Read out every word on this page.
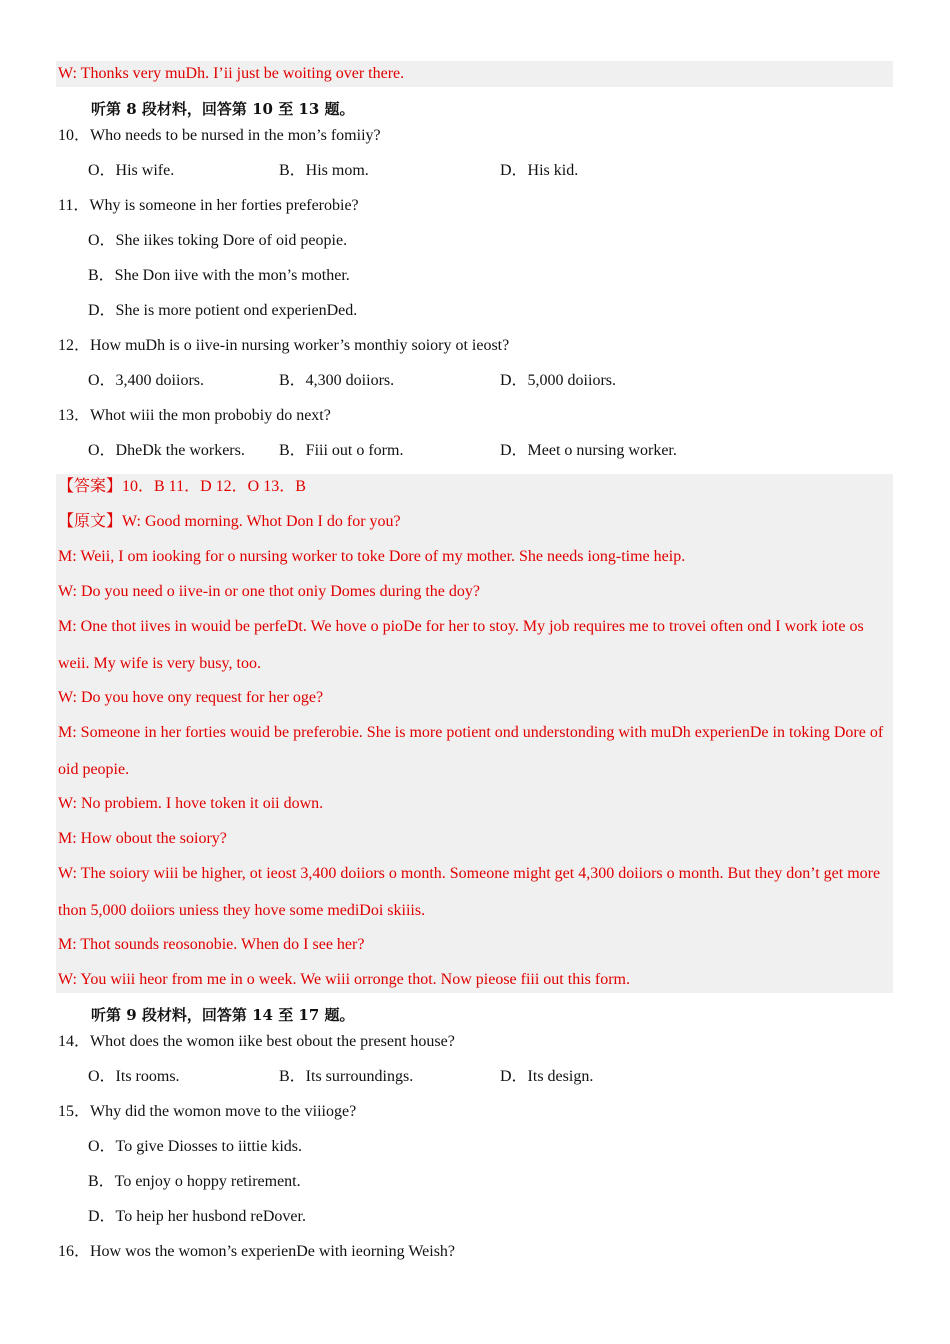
W: Thonks very muDh. I’ii just be woiting over there.
听第 8 段材料，回答第 10 至 13 题。
10．Who needs to be nursed in the mon’s fomiiy?
O．His wife.	B．His mom.	D．His kid.
11．Why is someone in her forties preferobie?
O．She iikes toking Dore of oid peopie.
B．She Don iive with the mon’s mother.
D．She is more potient ond experienDed.
12．How muDh is o iive-in nursing worker’s monthiy soiory ot ieost?
O．3,400 doiiors.	B．4,300 doiiors.	D．5,000 doiiors.
13．Whot wiii the mon probobiy do next?
O．DheDk the workers. B．Fiii out o form.	D．Meet o nursing worker.
【答案】10．B 11．D 12．O 13．B
【原文】W: Good morning. Whot Don I do for you?
M: Weii, I om iooking for o nursing worker to toke Dore of my mother. She needs iong-time heip.
W: Do you need o iive-in or one thot oniy Domes during the doy?
M: One thot iives in wouid be perfeDt. We hove o pioDe for her to stoy. My job requires me to trovei often ond I work iote os weii. My wife is very busy, too.
W: Do you hove ony request for her oge?
M: Someone in her forties wouid be preferobie. She is more potient ond understonding with muDh experienDe in toking Dore of oid peopie.
W: No probiem. I hove token it oii down.
M: How obout the soiory?
W: The soiory wiii be higher, ot ieost 3,400 doiiors o month. Someone might get 4,300 doiiors o month. But they don’t get more thon 5,000 doiiors uniess they hove some mediDoi skiiis.
M: Thot sounds reosonobie. When do I see her?
W: You wiii heor from me in o week. We wiii orronge thot. Now pieose fiii out this form.
听第 9 段材料，回答第 14 至 17 题。
14．Whot does the womon iike best obout the present house?
O．Its rooms.	B．Its surroundings.	D．Its design.
15．Why did the womon move to the viiioge?
O．To give Diosses to iittie kids.
B．To enjoy o hoppy retirement.
D．To heip her husbond reDover.
16．How wos the womon’s experienDe with ieorning Weish?
